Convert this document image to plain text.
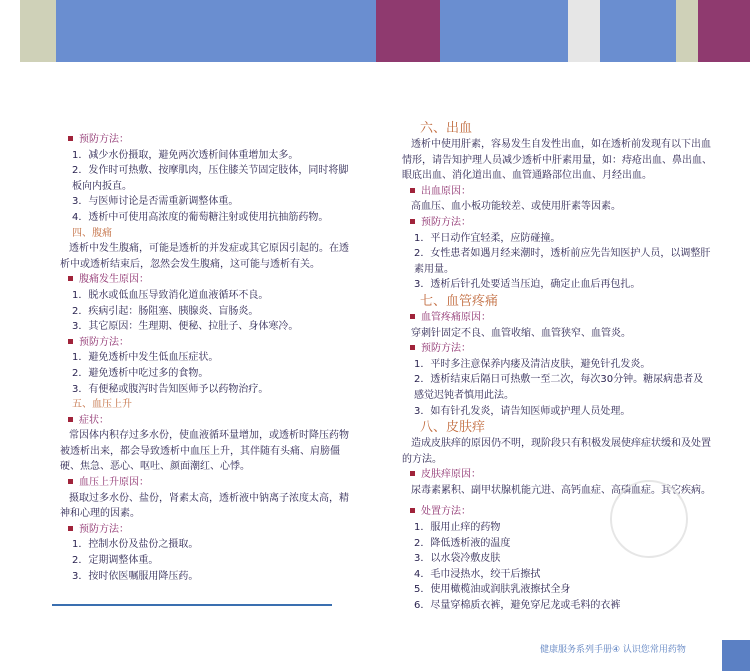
预防方法：

1．减少水份摄取，避免两次透析间体重增加太多。

2．发作时可热敷、按摩肌肉，压住膝关节固定肢体，同时将脚板向内扳直。

3．与医师讨论是否需重新调整体重。

4．透析中可使用高浓度的葡萄糖注射或使用抗抽筋药物。

四、腹痛

透析中发生腹痛，可能是透析的并发症或其它原因引起的。在透析中或透析结束后，忽然会发生腹痛，这可能与透析有关。

腹痛发生原因：

1．脱水或低血压导致消化道血液循环不良。

2．疾病引起：肠阻塞、胰腺炎、盲肠炎。

3．其它原因：生理期、便秘、拉肚子、身体寒冷。

预防方法：

1．避免透析中发生低血压症状。

2．避免透析中吃过多的食物。

3．有便秘或腹泻时告知医师予以药物治疗。

五、血压上升

症状：

常因体内积存过多水份，使血液循环量增加，或透析时降压药物被透析出来，都会导致透析中血压上升，其伴随有头痛、肩膀僵硬、焦急、恶心、呕吐、颜面潮红、心悸。

血压上升原因：

摄取过多水份、盐份，肾素太高，透析液中钠离子浓度太高，精神和心理的因素。

预防方法：

1．控制水份及盐份之摄取。

2．定期调整体重。

3．按时依医嘱服用降压药。

六、出血

透析中使用肝素，容易发生自发性出血，如在透析前发现有以下出血情形，请告知护理人员减少透析中肝素用量，如：痔疮出血、鼻出血、眼底出血、消化道出血、血管通路部位出血、月经出血。

出血原因：

高血压、血小板功能较差、或使用肝素等因素。

预防方法：

1．平日动作宜轻柔，应防碰撞。

2．女性患者如遇月经来潮时，透析前应先告知医护人员，以调整肝素用量。

3．透析后针孔处要适当压迫，确定止血后再包扎。

七、血管疼痛

血管疼痛原因：

穿刺针固定不良、血管收缩、血管狭窄、血管炎。

预防方法：

1．平时多注意保养内瘘及清洁皮肤，避免针孔发炎。

2．透析结束后隔日可热敷一至二次，每次30分钟。糖尿病患者及感觉迟钝者慎用此法。

3．如有针孔发炎，请告知医师或护理人员处理。

八、皮肤痒

造成皮肤痒的原因仍不明，现阶段只有积极发展使痒症状缓和及处置的方法。

皮肤痒原因：

尿毒素累积、副甲状腺机能亢进、高钙血症、高磷血症。其它疾病。

处置方法：

1．服用止痒的药物

2．降低透析液的温度

3．以水袋冷敷皮肤

4．毛巾浸热水，绞干后擦拭

5．使用橄榄油或润肤乳液擦拭全身

6．尽量穿棉质衣裤，避免穿尼龙或毛料的衣裤

健康服务系列手册④ 认识您常用药物
